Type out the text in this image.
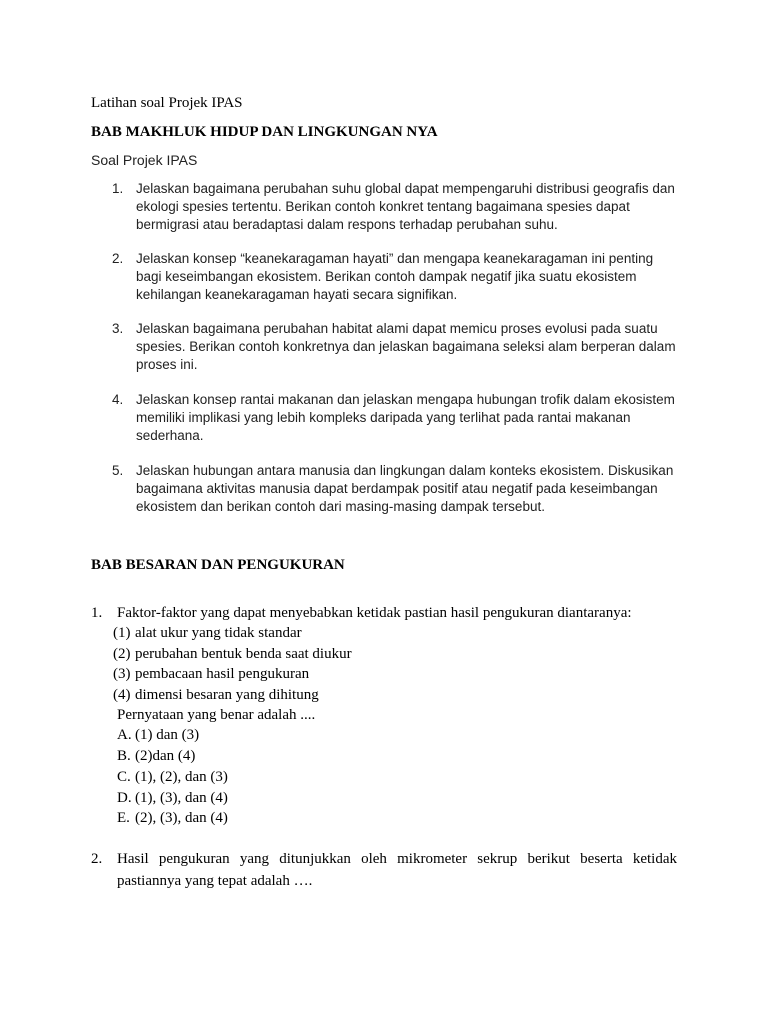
Latihan soal Projek IPAS
BAB MAKHLUK HIDUP DAN LINGKUNGAN NYA
Soal Projek IPAS
1. Jelaskan bagaimana perubahan suhu global dapat mempengaruhi distribusi geografis dan ekologi spesies tertentu. Berikan contoh konkret tentang bagaimana spesies dapat bermigrasi atau beradaptasi dalam respons terhadap perubahan suhu.
2. Jelaskan konsep “keanekaragaman hayati” dan mengapa keanekaragaman ini penting bagi keseimbangan ekosistem. Berikan contoh dampak negatif jika suatu ekosistem kehilangan keanekaragaman hayati secara signifikan.
3. Jelaskan bagaimana perubahan habitat alami dapat memicu proses evolusi pada suatu spesies. Berikan contoh konkretnya dan jelaskan bagaimana seleksi alam berperan dalam proses ini.
4. Jelaskan konsep rantai makanan dan jelaskan mengapa hubungan trofik dalam ekosistem memiliki implikasi yang lebih kompleks daripada yang terlihat pada rantai makanan sederhana.
5. Jelaskan hubungan antara manusia dan lingkungan dalam konteks ekosistem. Diskusikan bagaimana aktivitas manusia dapat berdampak positif atau negatif pada keseimbangan ekosistem dan berikan contoh dari masing-masing dampak tersebut.
BAB BESARAN DAN PENGUKURAN
1. Faktor-faktor yang dapat menyebabkan ketidak pastian hasil pengukuran diantaranya:
(1) alat ukur yang tidak standar
(2) perubahan bentuk benda saat diukur
(3) pembacaan hasil pengukuran
(4) dimensi besaran yang dihitung
Pernyataan yang benar adalah ....
A. (1) dan (3)
B. (2)dan (4)
C. (1), (2), dan (3)
D. (1), (3), dan (4)
E. (2), (3), dan (4)
2. Hasil pengukuran yang ditunjukkan oleh mikrometer sekrup berikut beserta ketidak pastiannya yang tepat adalah ….
